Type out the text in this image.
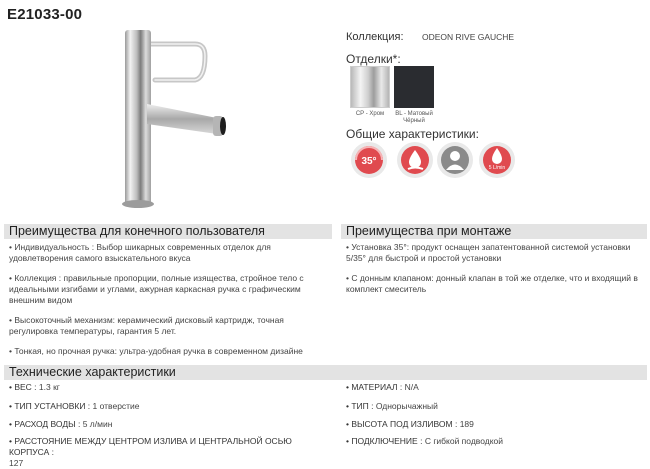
E21033-00
Коллекция: ODEON RIVE GAUCHE
Отделки*:
CP - Хром	BL - Матовый Чёрный
Общие характеристики:
35°
5 L/min
Преимущества для конечного пользователя	Преимущества при монтаже
• Индивидуальность : Выбор шикарных современных отделок для удовлетворения самого взыскательного вкуса
• Коллекция : правильные пропорции, полные изящества, стройное тело с идеальными изгибами и углами, ажурная каркасная ручка с графическим внешним видом
• Высокоточный механизм: керамический дисковый картридж, точная регулировка температуры, гарантия 5 лет.
• Тонкая, но прочная ручка: ультра-удобная ручка в современном дизайне
• Установка 35°: продукт оснащен запатентованной системой установки 5/35° для быстрой и простой установки
• С донным клапаном: донный клапан в той же отделке, что и входящий в комплект смеситель
Технические характеристики
• ВЕС : 1.3 кг
• ТИП УСТАНОВКИ : 1 отверстие
• РАСХОД ВОДЫ : 5 л/мин
• РАССТОЯНИЕ МЕЖДУ ЦЕНТРОМ ИЗЛИВА И ЦЕНТРАЛЬНОЙ ОСЬЮ КОРПУСА :
127
• МАТЕРИАЛ : N/A
• ТИП : Однорычажный
• ВЫСОТА ПОД ИЗЛИВОМ : 189
• ПОДКЛЮЧЕНИЕ : С гибкой подводкой
